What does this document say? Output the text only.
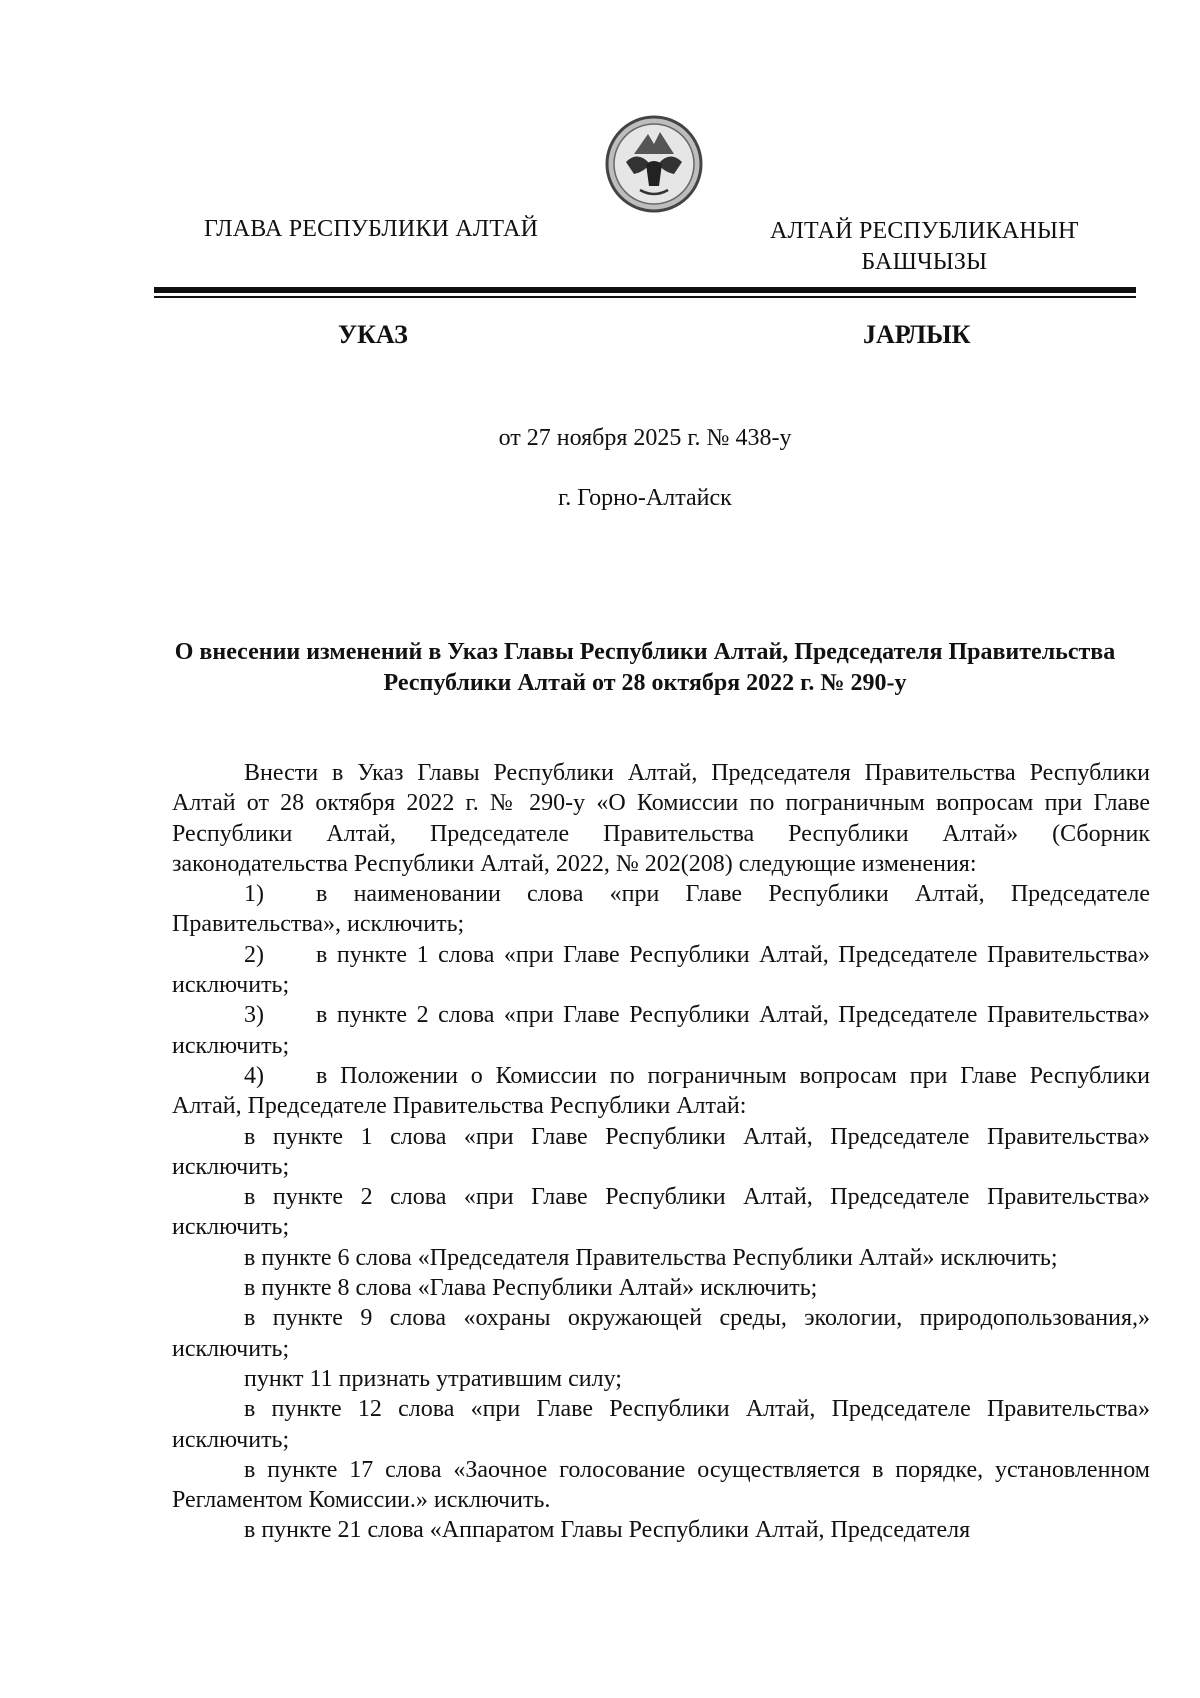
ГЛАВА РЕСПУБЛИКИ АЛТАЙ	АЛТАЙ РЕСПУБЛИКАНЫҤ
БАШЧЫЗЫ
УКАЗ	ЈАРЛЫК
от 27 ноября 2025 г. № 438-у
г. Горно-Алтайск
О внесении изменений в Указ Главы Республики Алтай, Председателя Правительства
Республики Алтай от 28 октября 2022 г. № 290-у

Внести в Указ Главы Республики Алтай, Председателя Правительства Республики Алтай от 28 октября 2022 г. № 290-у «О Комиссии по пограничным вопросам при Главе Республики Алтай, Председателе Правительства Республики Алтай» (Сборник законодательства Республики Алтай, 2022, № 202(208) следующие изменения:

1) в наименовании слова «при Главе Республики Алтай, Председателе Правительства», исключить;

2) в пункте 1 слова «при Главе Республики Алтай, Председателе Правительства» исключить;

3) в пункте 2 слова «при Главе Республики Алтай, Председателе Правительства» исключить;

4) в Положении о Комиссии по пограничным вопросам при Главе Республики Алтай, Председателе Правительства Республики Алтай:

в пункте 1 слова «при Главе Республики Алтай, Председателе Правительства» исключить;

в пункте 2 слова «при Главе Республики Алтай, Председателе Правительства» исключить;

в пункте 6 слова «Председателя Правительства Республики Алтай» исключить;

в пункте 8 слова «Глава Республики Алтай» исключить;

в пункте 9 слова «охраны окружающей среды, экологии, природопользования,» исключить;

пункт 11 признать утратившим силу;

в пункте 12 слова «при Главе Республики Алтай, Председателе Правительства» исключить;

в пункте 17 слова «Заочное голосование осуществляется в порядке, установленном Регламентом Комиссии.» исключить.

в пункте 21 слова «Аппаратом Главы Республики Алтай, Председателя
